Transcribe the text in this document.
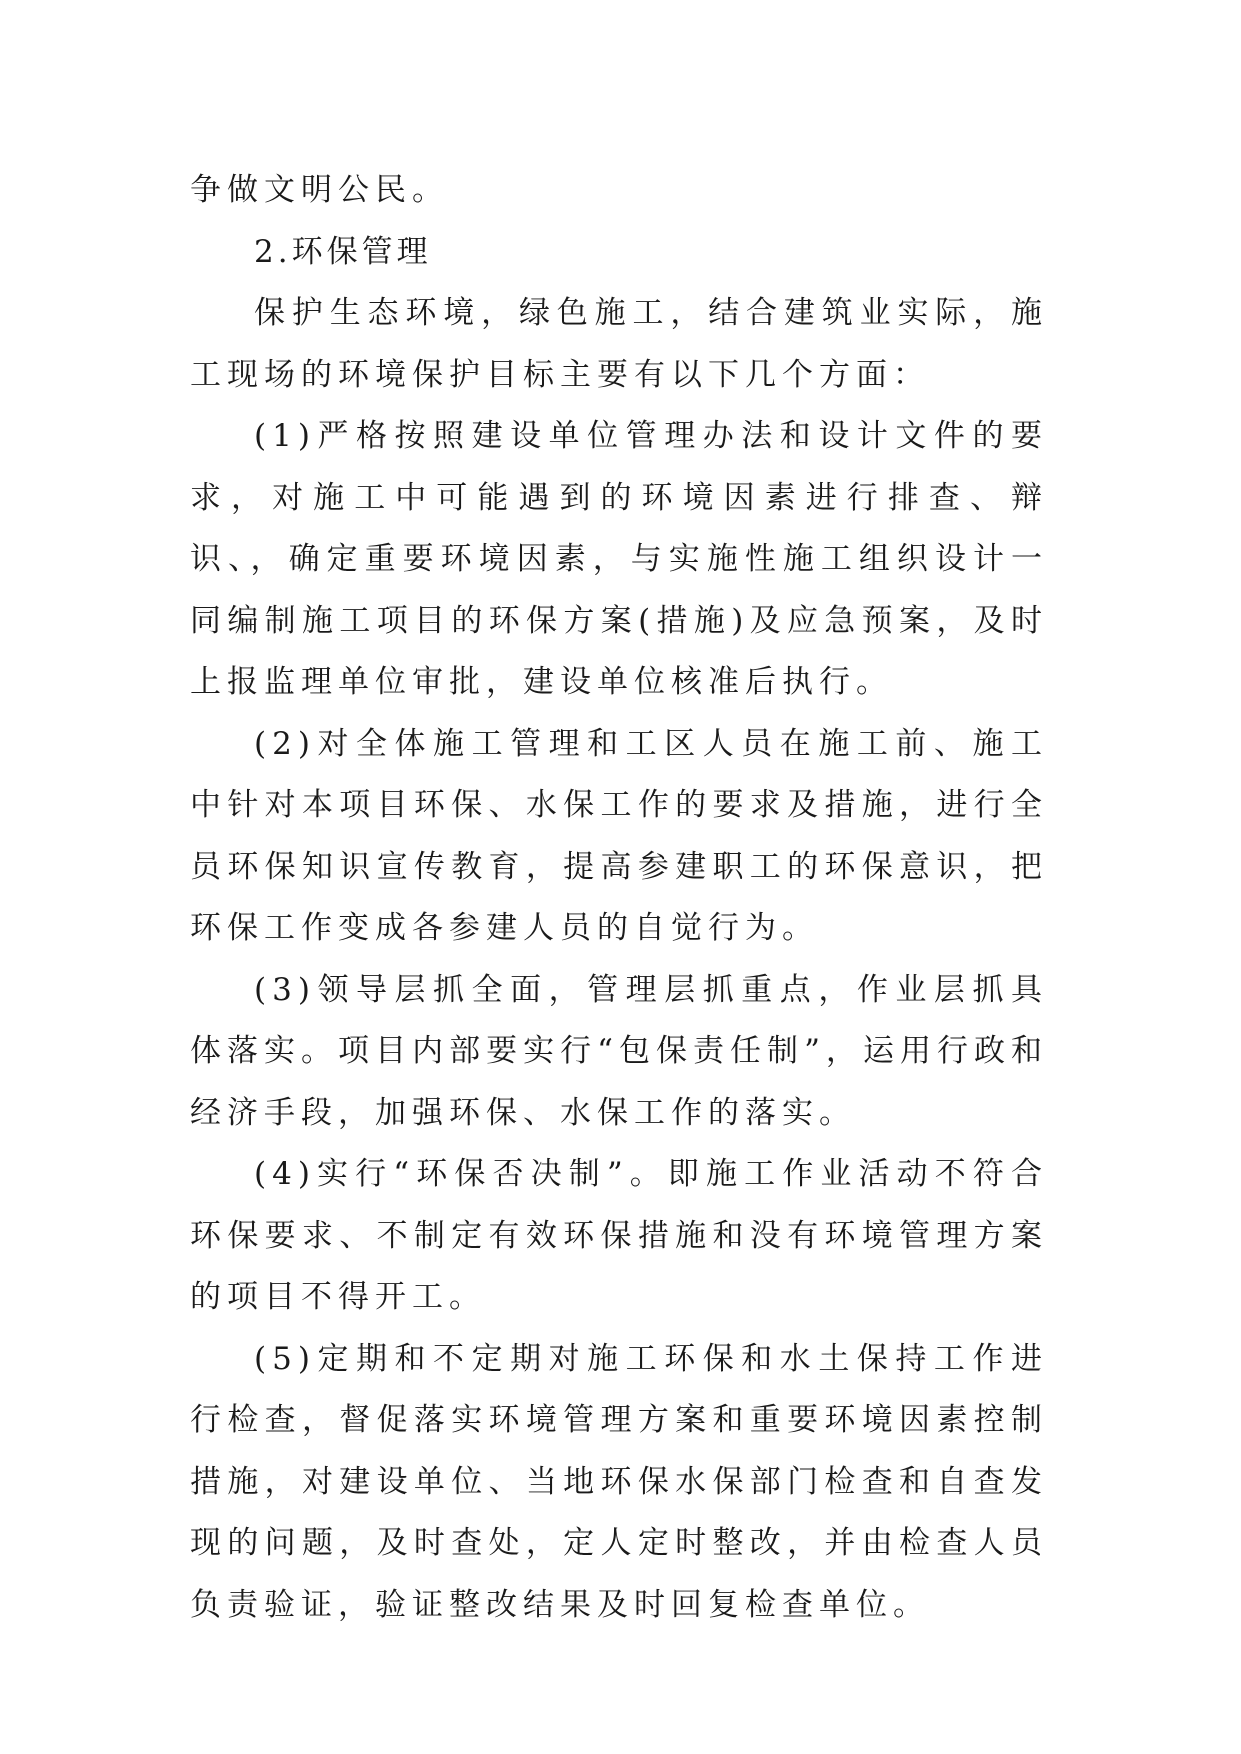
争做文明公民。

2.环保管理

保护生态环境，绿色施工，结合建筑业实际，施工现场的环境保护目标主要有以下几个方面：

(1)严格按照建设单位管理办法和设计文件的要求，对施工中可能遇到的环境因素进行排查、辩识、，确定重要环境因素，与实施性施工组织设计一同编制施工项目的环保方案(措施)及应急预案，及时上报监理单位审批，建设单位核准后执行。

(2)对全体施工管理和工区人员在施工前、施工中针对本项目环保、水保工作的要求及措施，进行全员环保知识宣传教育，提高参建职工的环保意识，把环保工作变成各参建人员的自觉行为。

(3)领导层抓全面，管理层抓重点，作业层抓具体落实。项目内部要实行“包保责任制”，运用行政和经济手段，加强环保、水保工作的落实。

(4)实行“环保否决制”。即施工作业活动不符合环保要求、不制定有效环保措施和没有环境管理方案的项目不得开工。

(5)定期和不定期对施工环保和水土保持工作进行检查，督促落实环境管理方案和重要环境因素控制措施，对建设单位、当地环保水保部门检查和自查发现的问题，及时查处，定人定时整改，并由检查人员负责验证，验证整改结果及时回复检查单位。
